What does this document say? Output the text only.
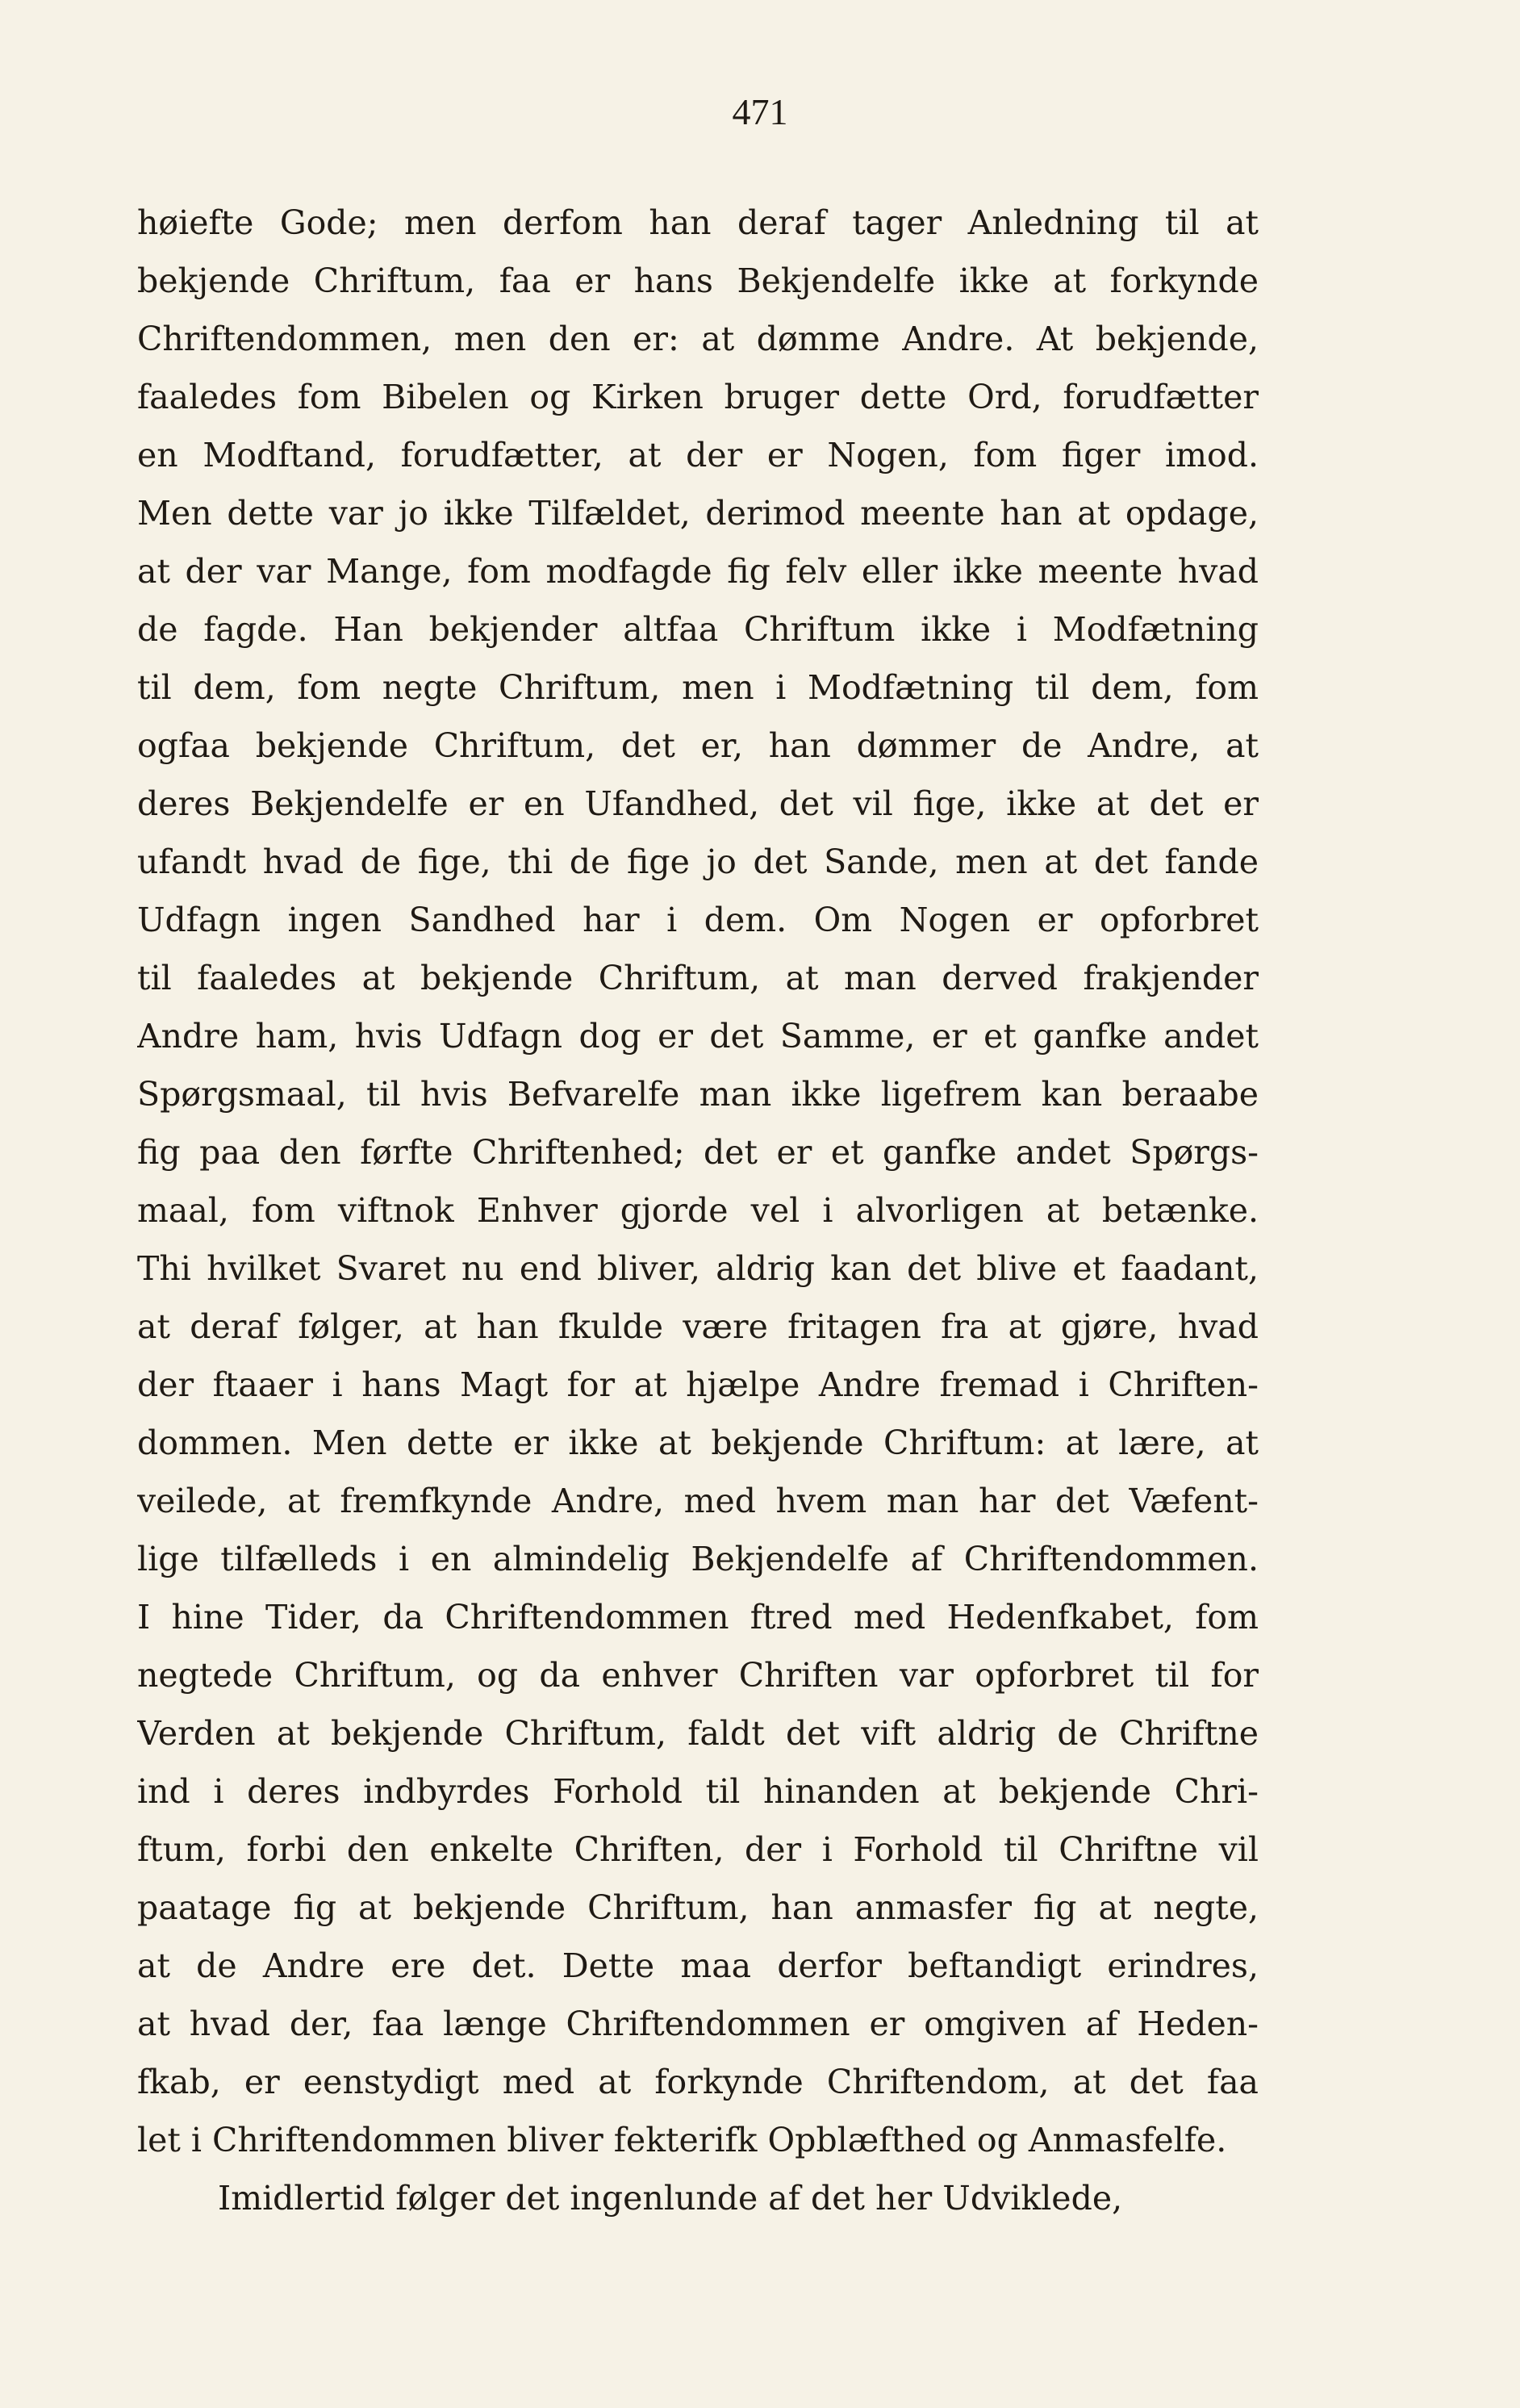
471
høiefte Gode; men derfom han deraf tager Anledning til at
bekjende Chriftum, faa er hans Bekjendelfe ikke at forkynde
Chriftendommen, men den er: at dømme Andre. At bekjende,
faaledes fom Bibelen og Kirken bruger dette Ord, forudfætter
en Modftand, forudfætter, at der er Nogen, fom figer imod.
Men dette var jo ikke Tilfældet, derimod meente han at opdage,
at der var Mange, fom modfagde fig felv eller ikke meente hvad
de fagde. Han bekjender altfaa Chriftum ikke i Modfætning
til dem, fom negte Chriftum, men i Modfætning til dem, fom
ogfaa bekjende Chriftum, det er, han dømmer de Andre, at
deres Bekjendelfe er en Ufandhed, det vil fige, ikke at det er
ufandt hvad de fige, thi de fige jo det Sande, men at det fande
Udfagn ingen Sandhed har i dem. Om Nogen er opforbret
til faaledes at bekjende Chriftum, at man derved frakjender
Andre ham, hvis Udfagn dog er det Samme, er et ganfke andet
Spørgsmaal, til hvis Befvarelfe man ikke ligefrem kan beraabe
fig paa den førfte Chriftenhed; det er et ganfke andet Spørgs-
maal, fom viftnok Enhver gjorde vel i alvorligen at betænke.
Thi hvilket Svaret nu end bliver, aldrig kan det blive et faadant,
at deraf følger, at han fkulde være fritagen fra at gjøre, hvad
der ftaaer i hans Magt for at hjælpe Andre fremad i Chriften-
dommen. Men dette er ikke at bekjende Chriftum: at lære, at
veilede, at fremfkynde Andre, med hvem man har det Væfent-
lige tilfælleds i en almindelig Bekjendelfe af Chriftendommen.
I hine Tider, da Chriftendommen ftred med Hedenfkabet, fom
negtede Chriftum, og da enhver Chriften var opforbret til for
Verden at bekjende Chriftum, faldt det vift aldrig de Chriftne
ind i deres indbyrdes Forhold til hinanden at bekjende Chri-
ftum, forbi den enkelte Chriften, der i Forhold til Chriftne vil
paatage fig at bekjende Chriftum, han anmasfer fig at negte,
at de Andre ere det. Dette maa derfor beftandigt erindres,
at hvad der, faa længe Chriftendommen er omgiven af Heden-
fkab, er eenstydigt med at forkynde Chriftendom, at det faa
let i Chriftendommen bliver fekterifk Opblæfthed og Anmasfelfe.
Imidlertid følger det ingenlunde af det her Udviklede,
